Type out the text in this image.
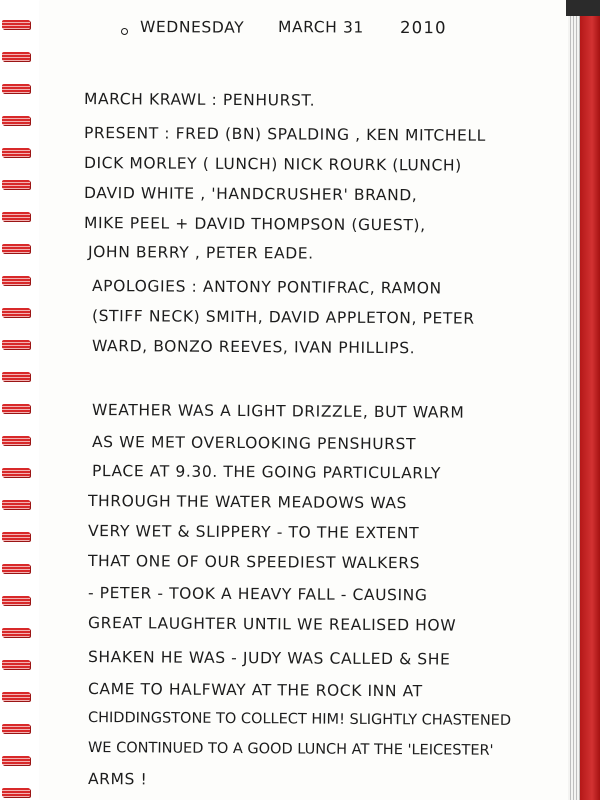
WEDNESDAY MARCH 31 2010

MARCH KRAWL : PENHURST.

PRESENT : FRED (BN) SPALDING , KEN MITCHELL

DICK MORLEY ( LUNCH) NICK ROURK (LUNCH)

DAVID WHITE , 'HANDCRUSHER' BRAND,

MIKE PEEL + DAVID THOMPSON (GUEST),

JOHN BERRY , PETER EADE.

APOLOGIES : ANTONY PONTIFRAC, RAMON

(STIFF NECK) SMITH, DAVID APPLETON, PETER

WARD, BONZO REEVES, IVAN PHILLIPS.

WEATHER WAS A LIGHT DRIZZLE, BUT WARM

AS WE MET OVERLOOKING PENSHURST

PLACE AT 9.30. THE GOING PARTICULARLY

THROUGH THE WATER MEADOWS WAS

VERY WET & SLIPPERY - TO THE EXTENT

THAT ONE OF OUR SPEEDIEST WALKERS

- PETER - TOOK A HEAVY FALL - CAUSING

GREAT LAUGHTER UNTIL WE REALISED HOW

SHAKEN HE WAS - JUDY WAS CALLED & SHE

CAME TO HALFWAY AT THE ROCK INN AT

CHIDDINGSTONE TO COLLECT HIM! SLIGHTLY CHASTENED

WE CONTINUED TO A GOOD LUNCH AT THE 'LEICESTER'

ARMS !
